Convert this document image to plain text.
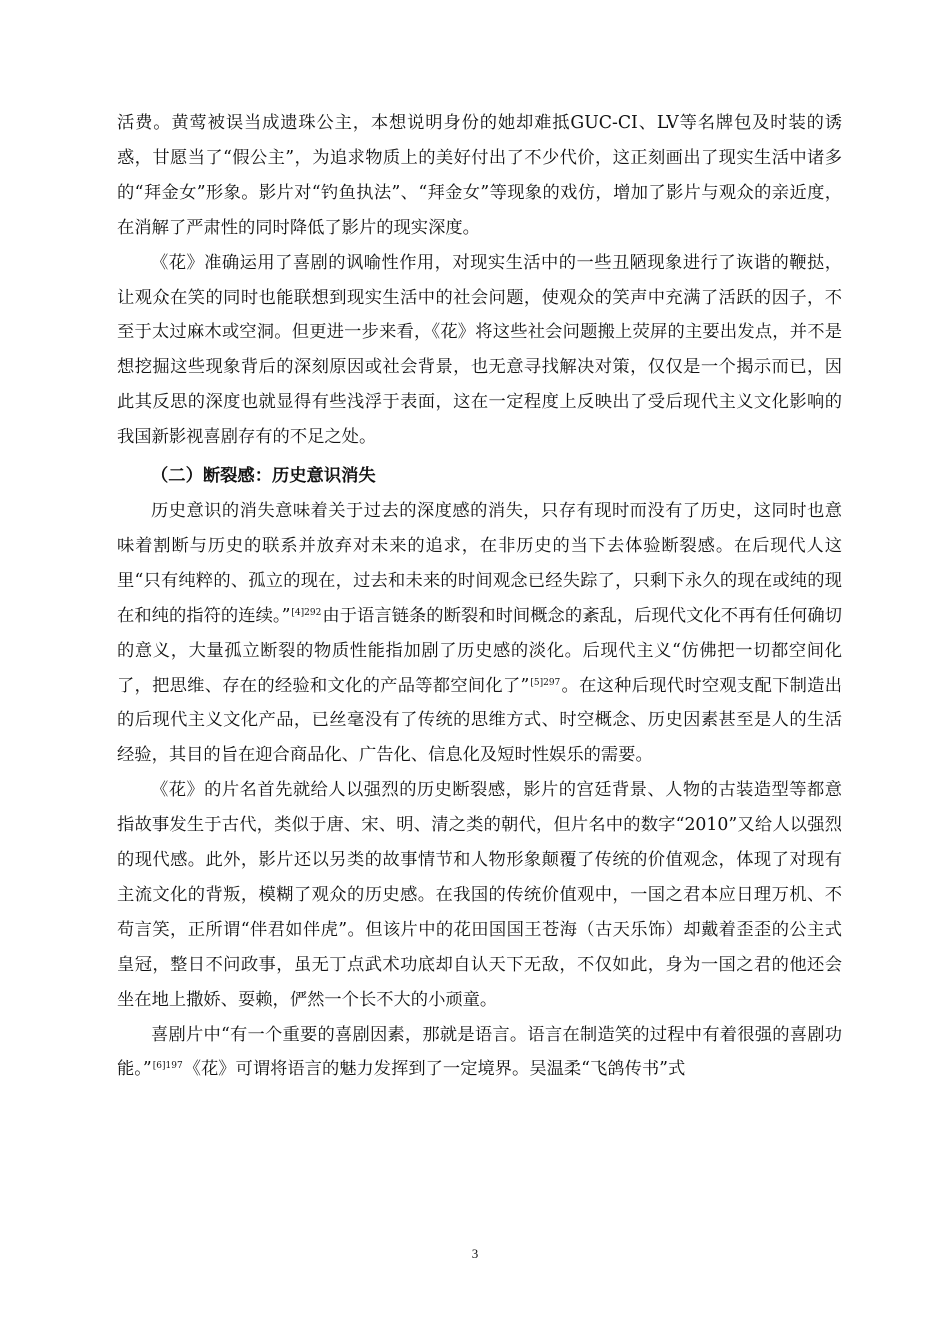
活费。黄莺被误当成遗珠公主，本想说明身份的她却难抵GUC-CI、LV等名牌包及时装的诱惑，甘愿当了“假公主”，为追求物质上的美好付出了不少代价，这正刻画出了现实生活中诸多的“拜金女”形象。影片对“钓鱼执法”、“拜金女”等现象的戏仿，增加了影片与观众的亲近度，在消解了严肃性的同时降低了影片的现实深度。

《花》准确运用了喜剧的讽喻性作用，对现实生活中的一些丑陋现象进行了诙谐的鞭挞，让观众在笑的同时也能联想到现实生活中的社会问题，使观众的笑声中充满了活跃的因子，不至于太过麻木或空洞。但更进一步来看，《花》将这些社会问题搬上荧屏的主要出发点，并不是想挖掘这些现象背后的深刻原因或社会背景，也无意寻找解决对策，仅仅是一个揭示而已，因此其反思的深度也就显得有些浅浮于表面，这在一定程度上反映出了受后现代主义文化影响的我国新影视喜剧存有的不足之处。

（二）断裂感：历史意识消失

历史意识的消失意味着关于过去的深度感的消失，只存有现时而没有了历史，这同时也意味着割断与历史的联系并放弃对未来的追求，在非历史的当下去体验断裂感。在后现代人这里“只有纯粹的、孤立的现在，过去和未来的时间观念已经失踪了，只剩下永久的现在或纯的现在和纯的指符的连续。”$^{[4]292}$由于语言链条的断裂和时间概念的紊乱，后现代文化不再有任何确切的意义，大量孤立断裂的物质性能指加剧了历史感的淡化。后现代主义“仿佛把一切都空间化了，把思维、存在的经验和文化的产品等都空间化了”$^{[5]297}$。在这种后现代时空观支配下制造出的后现代主义文化产品，已丝毫没有了传统的思维方式、时空概念、历史因素甚至是人的生活经验，其目的旨在迎合商品化、广告化、信息化及短时性娱乐的需要。

《花》的片名首先就给人以强烈的历史断裂感，影片的宫廷背景、人物的古装造型等都意指故事发生于古代，类似于唐、宋、明、清之类的朝代，但片名中的数字“2010”又给人以强烈的现代感。此外，影片还以另类的故事情节和人物形象颠覆了传统的价值观念，体现了对现有主流文化的背叛，模糊了观众的历史感。在我国的传统价值观中，一国之君本应日理万机、不苟言笑，正所谓“伴君如伴虎”。但该片中的花田国国王苍海（古天乐饰）却戴着歪歪的公主式皇冠，整日不问政事，虽无丁点武术功底却自认天下无敌，不仅如此，身为一国之君的他还会坐在地上撒娇、耍赖，俨然一个长不大的小顽童。

喜剧片中“有一个重要的喜剧因素，那就是语言。语言在制造笑的过程中有着很强的喜剧功能。”$^{[6]197}$《花》可谓将语言的魅力发挥到了一定境界。吴温柔“飞鸽传书”式

3
